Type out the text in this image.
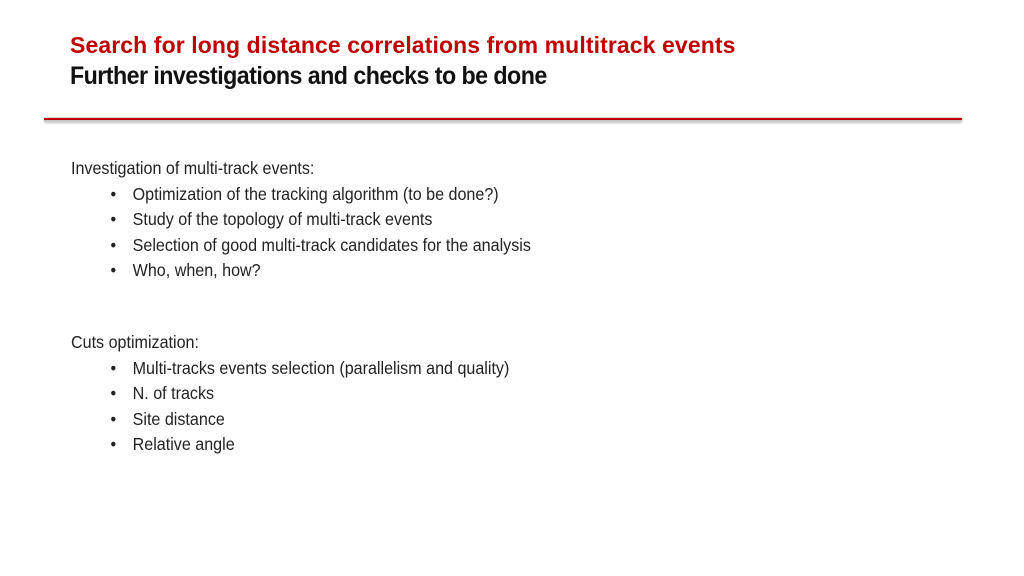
Search for long distance correlations from multitrack events
Further investigations and checks to be done

Investigation of multi-track events:

• Optimization of the tracking algorithm (to be done?)
• Study of the topology of multi-track events
• Selection of good multi-track candidates for the analysis
• Who, when, how?

Cuts optimization:

• Multi-tracks events selection (parallelism and quality)
• N. of tracks
• Site distance
• Relative angle
